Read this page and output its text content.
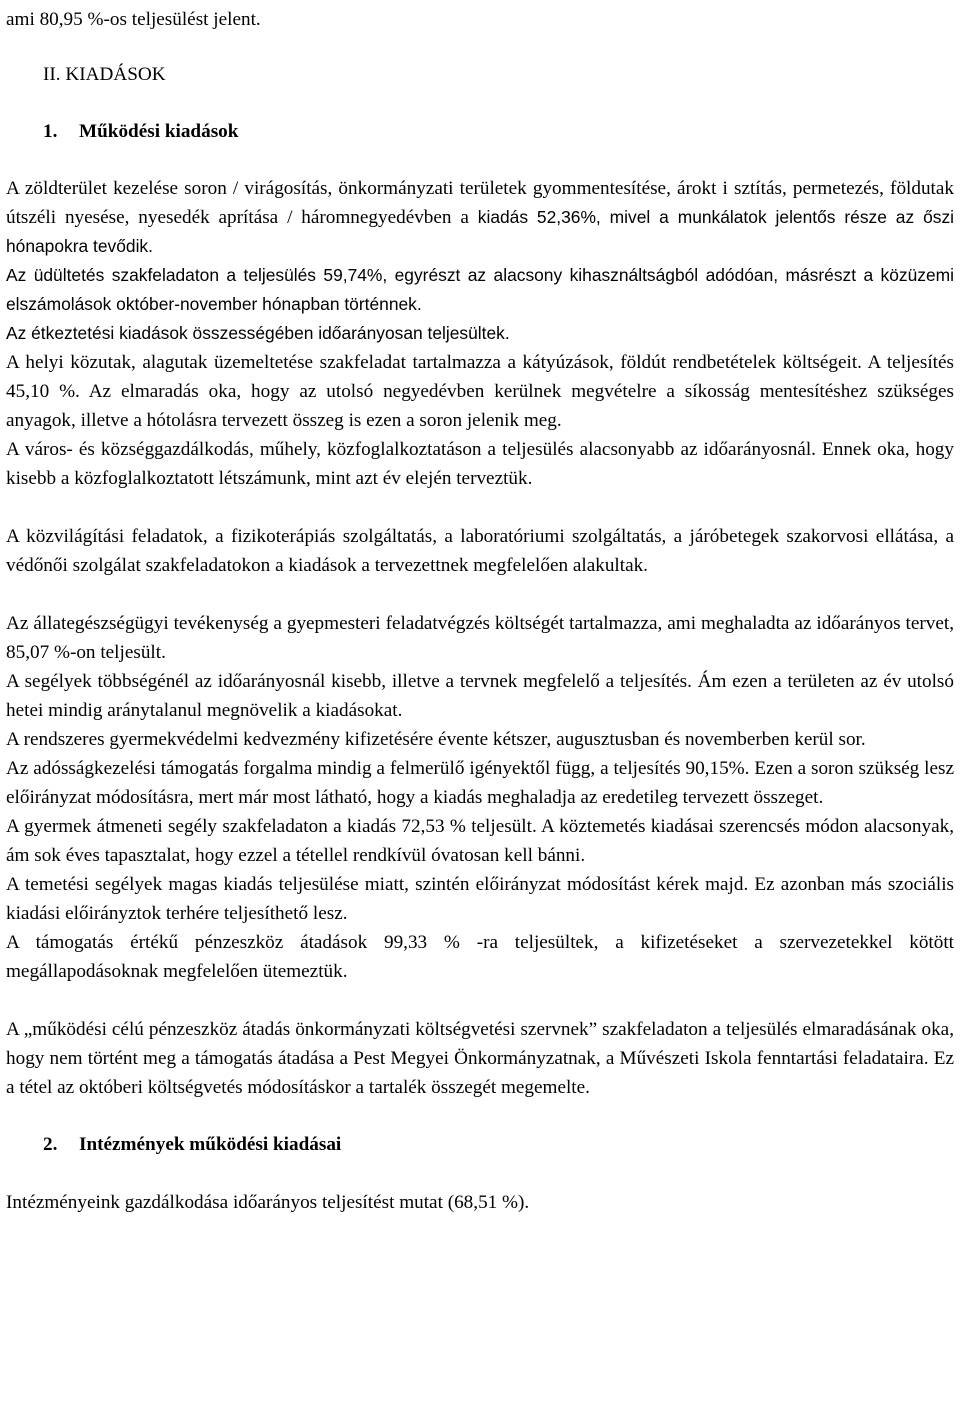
ami 80,95 %-os teljesülést jelent.

II. KIADÁSOK

1. Működési kiadások

A zöldterület kezelése soron / virágosítás, önkormányzati területek gyommentesítése, árokt i sztítás, permetezés, földutak útszéli nyesése, nyesedék aprítása / háromnegyedévben a kiadás 52,36%, mivel a munkálatok jelentős része az őszi hónapokra tevődik.

Az üdültetés szakfeladaton a teljesülés 59,74%, egyrészt az alacsony kihasználtságból adódóan, másrészt a közüzemi elszámolások október-november hónapban történnek.

Az étkeztetési kiadások összességében időarányosan teljesültek.

A helyi közutak, alagutak üzemeltetése szakfeladat tartalmazza a kátyúzások, földút rendbetételek költségeit. A teljesítés 45,10 %. Az elmaradás oka, hogy az utolsó negyedévben kerülnek megvételre a síkosság mentesítéshez szükséges anyagok, illetve a hótolásra tervezett összeg is ezen a soron jelenik meg.

A város- és községgazdálkodás, műhely, közfoglalkoztatáson a teljesülés alacsonyabb az időarányosnál. Ennek oka, hogy kisebb a közfoglalkoztatott létszámunk, mint azt év elején terveztük.

A közvilágítási feladatok, a fizikoterápiás szolgáltatás, a laboratóriumi szolgáltatás, a járóbetegek szakorvosi ellátása, a védőnői szolgálat szakfeladatokon a kiadások a tervezettnek megfelelően alakultak.

Az állategészségügyi tevékenység a gyepmesteri feladatvégzés költségét tartalmazza, ami meghaladta az időarányos tervet, 85,07 %-on teljesült.

A segélyek többségénél az időarányosnál kisebb, illetve a tervnek megfelelő a teljesítés. Ám ezen a területen az év utolsó hetei mindig aránytalanul megnövelik a kiadásokat.

A rendszeres gyermekvédelmi kedvezmény kifizetésére évente kétszer, augusztusban és novemberben kerül sor.

Az adósságkezelési támogatás forgalma mindig a felmerülő igényektől függ, a teljesítés 90,15%. Ezen a soron szükség lesz előirányzat módosításra, mert már most látható, hogy a kiadás meghaladja az eredetileg tervezett összeget.

A gyermek átmeneti segély szakfeladaton a kiadás 72,53 % teljesült. A köztemetés kiadásai szerencsés módon alacsonyak, ám sok éves tapasztalat, hogy ezzel a tétellel rendkívül óvatosan kell bánni.

A temetési segélyek magas kiadás teljesülése miatt, szintén előirányzat módosítást kérek majd. Ez azonban más szociális kiadási előirányztok terhére teljesíthető lesz.

A támogatás értékű pénzeszköz átadások 99,33 % -ra teljesültek, a kifizetéseket a szervezetekkel kötött megállapodásoknak megfelelően ütemeztük.

A „működési célú pénzeszköz átadás önkormányzati költségvetési szervnek” szakfeladaton a teljesülés elmaradásának oka, hogy nem történt meg a támogatás átadása a Pest Megyei Önkormányzatnak, a Művészeti Iskola fenntartási feladataira. Ez a tétel az októberi költségvetés módosításkor a tartalék összegét megemelte.

2. Intézmények működési kiadásai

Intézményeink gazdálkodása időarányos teljesítést mutat (68,51 %).
